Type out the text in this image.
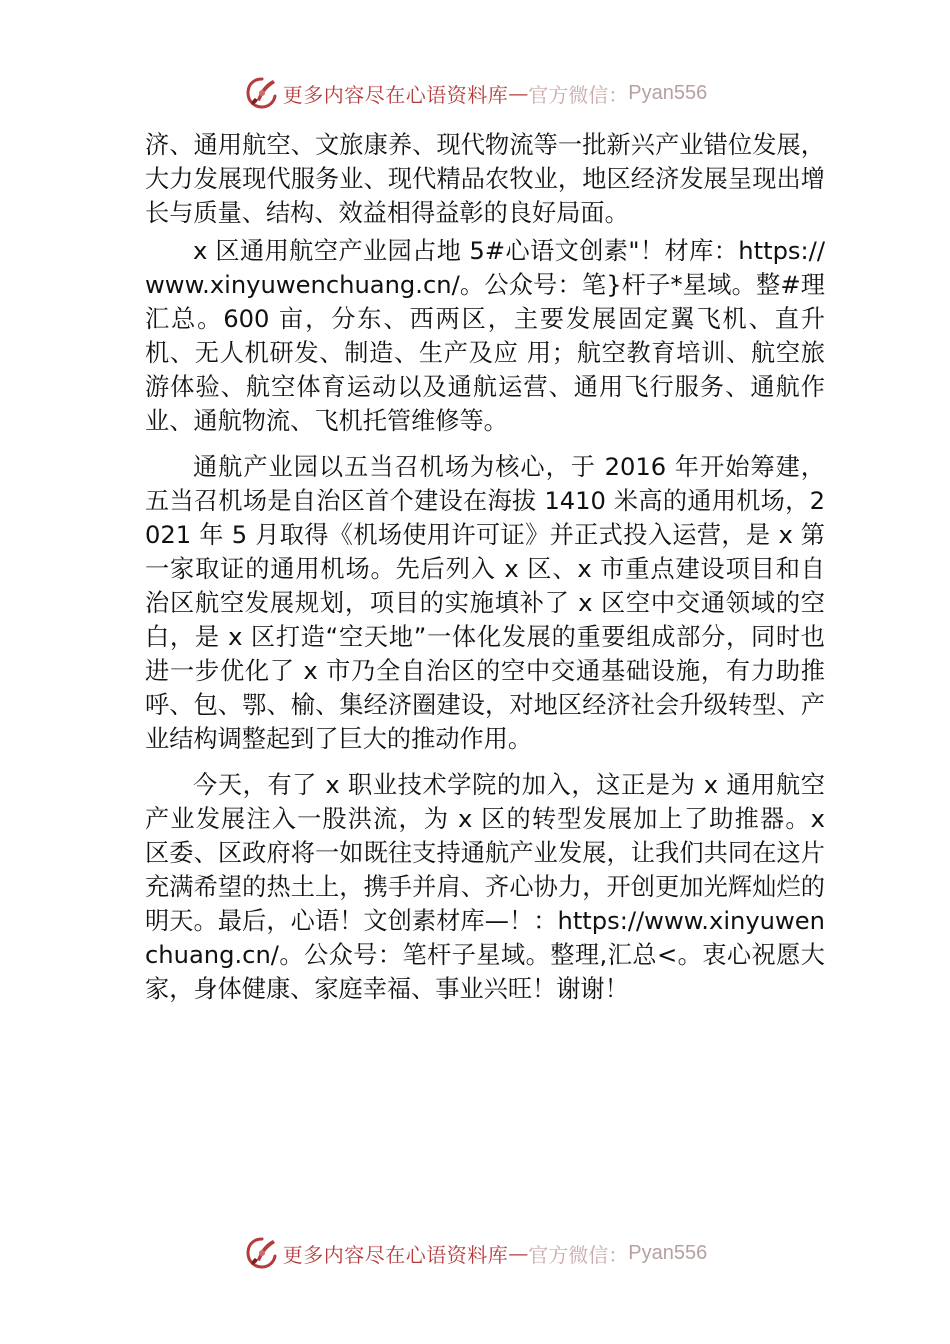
更多内容尽在心语资料库 — 官方微信： Pyan556

济、通用航空、文旅康养、现代物流等一批新兴产业错位发展，大力发展现代服务业、现代精品农牧业，地区经济发展呈现出增长与质量、结构、效益相得益彰的良好局面。

x 区通用航空产业园占地 5#心语文创素"！材库：https://www.xinyuwenchuang.cn/。公众号：笔}杆子*星域。整#理汇总。600 亩，分东、西两区，主要发展固定翼飞机、直升机、无人机研发、制造、生产及应 用；航空教育培训、航空旅游体验、航空体育运动以及通航运营、通用飞行服务、通航作业、通航物流、飞机托管维修等。

通航产业园以五当召机场为核心，于 2016 年开始筹建，五当召机场是自治区首个建设在海拔 1410 米高的通用机场，2021 年 5 月取得《机场使用许可证》并正式投入运营，是 x 第一家取证的通用机场。先后列入 x 区、x 市重点建设项目和自治区航空发展规划，项目的实施填补了 x 区空中交通领域的空白，是 x 区打造“空天地”一体化发展的重要组成部分，同时也进一步优化了 x 市乃全自治区的空中交通基础设施，有力助推呼、包、鄂、榆、集经济圈建设，对地区经济社会升级转型、产业结构调整起到了巨大的推动作用。

今天，有了 x 职业技术学院的加入，这正是为 x 通用航空产业发展注入一股洪流，为 x 区的转型发展加上了助推器。x 区委、区政府将一如既往支持通航产业发展，让我们共同在这片充满希望的热土上，携手并肩、齐心协力，开创更加光辉灿烂的明天。最后，心语！文创素材库—！：https://www.xinyuwenchuang.cn/。公众号：笔杆子星域。整理,汇总<。衷心祝愿大家，身体健康、家庭幸福、事业兴旺！谢谢！

更多内容尽在心语资料库 — 官方微信： Pyan556
